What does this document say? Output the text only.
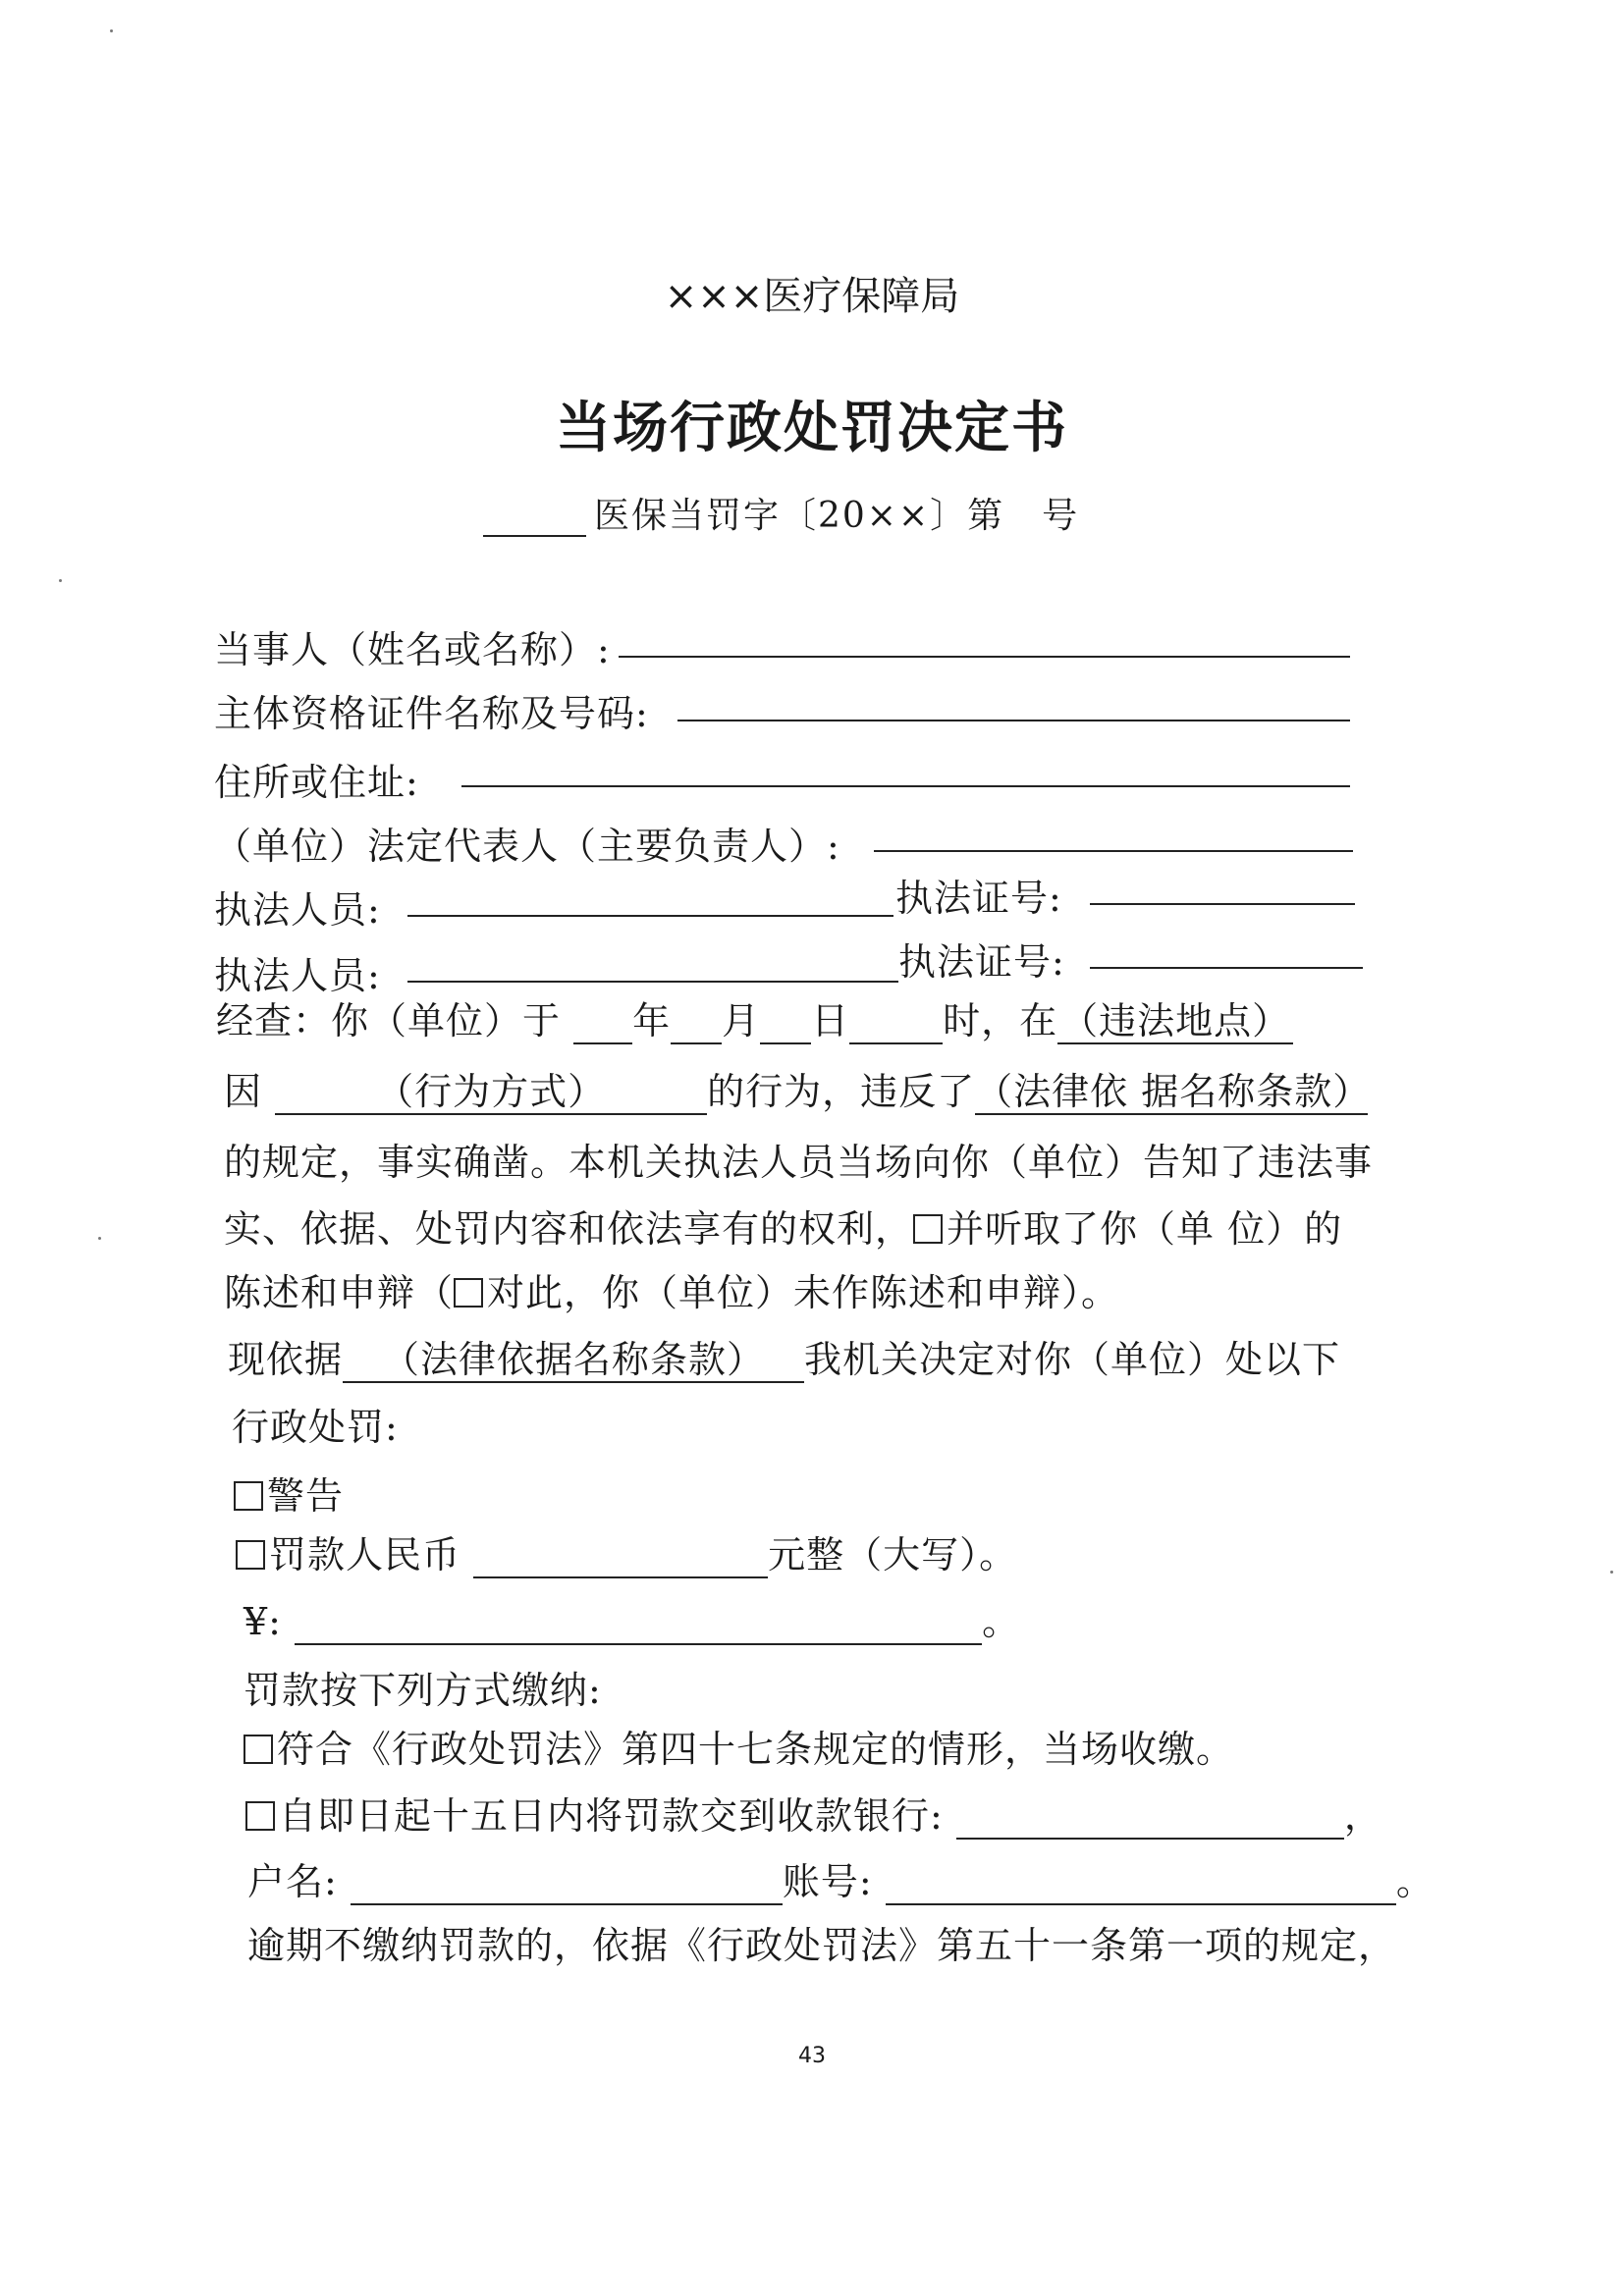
×××医疗保障局
当场行政处罚决定书
医保当罚字〔20××〕第　号
当事人（姓名或名称）:
主体资格证件名称及号码:
住所或住址:
（单位）法定代表人（主要负责人）:
执法人员:	执法证号:
执法人员:	执法证号:
经查：你（单位）于 年 月 日	时，在（违法地点）
因	（行为方式）	的行为，违反了（法律依 据名称条款）
的规定，事实确凿。本机关执法人员当场向你（单位）告知了违法事
实、依据、处罚内容和依法享有的权利， 并听取了你（单 位）的
陈述和申辩（ 对此，你（单位）未作陈述和申辩）。
现依据 （法律依据名称条款） 我机关决定对你（单位）处以下
行政处罚:
警告
罚款人民币	元整（大写）。
¥:	。
罚款按下列方式缴纳:
符合《行政处罚法》第四十七条规定的情形，当场收缴。
自即日起十五日内将罚款交到收款银行:	，
户名:	账号:	。
逾期不缴纳罚款的，依据《行政处罚法》第五十一条第一项的规定，
43
